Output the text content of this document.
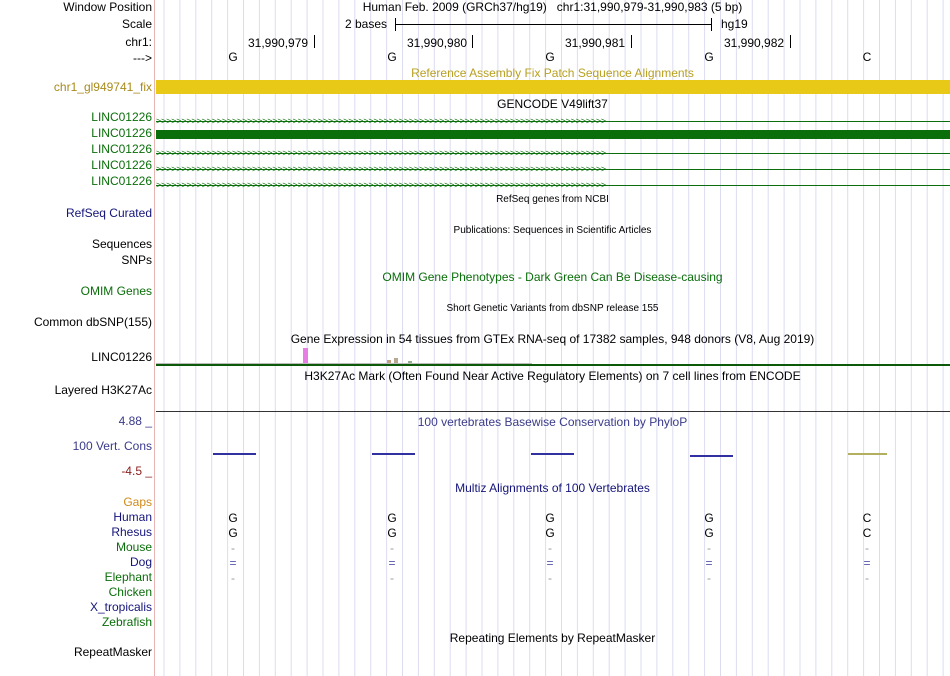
Window Position
Scale
chr1:
--->
Human Feb. 2009 (GRCh37/hg19)   chr1:31,990,979-31,990,983 (5 bp)
2 bases	hg19
31,990,979	31,990,980	31,990,981	31,990,982
G	G	G	G	C
Reference Assembly Fix Patch Sequence Alignments
chr1_gl949741_fix
GENCODE V49lift37
LINC01226
LINC01226
LINC01226
LINC01226
LINC01226
>>>>>>>>>>>>>>>>>>>>>>>>>>>>>>>>>>>>>>>>>>>>>>>>>>>>>>>>>>>>>>>>>>>>>>>>>>>>>>>>>>>>>>>>>
>>>>>>>>>>>>>>>>>>>>>>>>>>>>>>>>>>>>>>>>>>>>>>>>>>>>>>>>>>>>>>>>>>>>>>>>>>>>>>>>>>>>>>>>>
>>>>>>>>>>>>>>>>>>>>>>>>>>>>>>>>>>>>>>>>>>>>>>>>>>>>>>>>>>>>>>>>>>>>>>>>>>>>>>>>>>>>>>>>>
>>>>>>>>>>>>>>>>>>>>>>>>>>>>>>>>>>>>>>>>>>>>>>>>>>>>>>>>>>>>>>>>>>>>>>>>>>>>>>>>>>>>>>>>>
RefSeq genes from NCBI
RefSeq Curated
Publications: Sequences in Scientific Articles
Sequences
SNPs
OMIM Gene Phenotypes - Dark Green Can Be Disease-causing
OMIM Genes
Short Genetic Variants from dbSNP release 155
Common dbSNP(155)
Gene Expression in 54 tissues from GTEx RNA-seq of 17382 samples, 948 donors (V8, Aug 2019)
LINC01226
H3K27Ac Mark (Often Found Near Active Regulatory Elements) on 7 cell lines from ENCODE
Layered H3K27Ac
100 vertebrates Basewise Conservation by PhyloP
4.88 _
100 Vert. Cons
-4.5 _
Multiz Alignments of 100 Vertebrates
Gaps
Human	G	G	G	G	C
Rhesus	G	G	G	G	C
Mouse	-	-	-	-	-
Dog	=	=	=	=	=
Elephant	-	-	-	-	-
Chicken
X_tropicalis
Zebrafish
Repeating Elements by RepeatMasker
RepeatMasker
